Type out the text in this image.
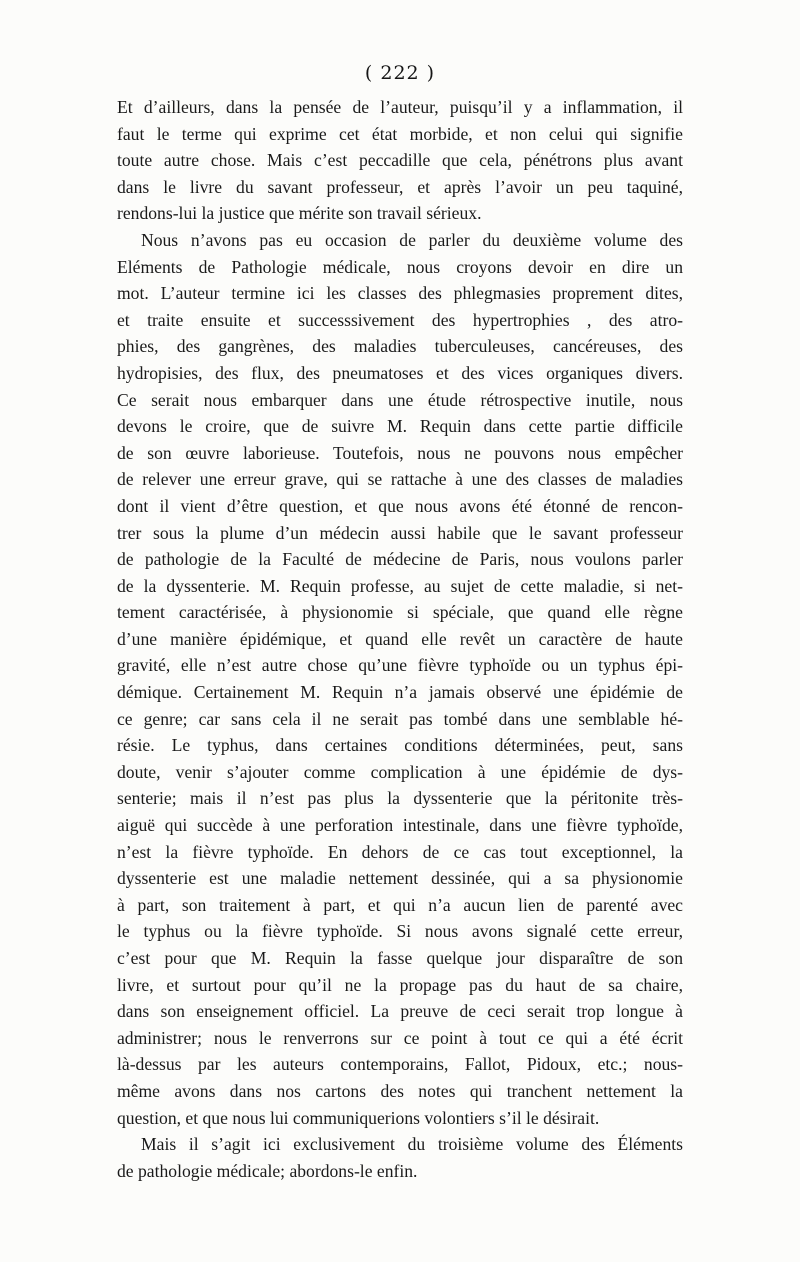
( 222 )
Et d’ailleurs, dans la pensée de l’auteur, puisqu’il y a inflammation, il
faut le terme qui exprime cet état morbide, et non celui qui signifie
toute autre chose. Mais c’est peccadille que cela, pénétrons plus avant
dans le livre du savant professeur, et après l’avoir un peu taquiné,
rendons-lui la justice que mérite son travail sérieux.
Nous n’avons pas eu occasion de parler du deuxième volume des
Eléments de Pathologie médicale, nous croyons devoir en dire un
mot. L’auteur termine ici les classes des phlegmasies proprement dites,
et traite ensuite et successsivement des hypertrophies , des atro-
phies, des gangrènes, des maladies tuberculeuses, cancéreuses, des
hydropisies, des flux, des pneumatoses et des vices organiques divers.
Ce serait nous embarquer dans une étude rétrospective inutile, nous
devons le croire, que de suivre M. Requin dans cette partie difficile
de son œuvre laborieuse. Toutefois, nous ne pouvons nous empêcher
de relever une erreur grave, qui se rattache à une des classes de maladies
dont il vient d’être question, et que nous avons été étonné de rencon-
trer sous la plume d’un médecin aussi habile que le savant professeur
de pathologie de la Faculté de médecine de Paris, nous voulons parler
de la dyssenterie. M. Requin professe, au sujet de cette maladie, si net-
tement caractérisée, à physionomie si spéciale, que quand elle règne
d’une manière épidémique, et quand elle revêt un caractère de haute
gravité, elle n’est autre chose qu’une fièvre typhoïde ou un typhus épi-
démique. Certainement M. Requin n’a jamais observé une épidémie de
ce genre; car sans cela il ne serait pas tombé dans une semblable hé-
résie. Le typhus, dans certaines conditions déterminées, peut, sans
doute, venir s’ajouter comme complication à une épidémie de dys-
senterie; mais il n’est pas plus la dyssenterie que la péritonite très-
aiguë qui succède à une perforation intestinale, dans une fièvre typhoïde,
n’est la fièvre typhoïde. En dehors de ce cas tout exceptionnel, la
dyssenterie est une maladie nettement dessinée, qui a sa physionomie
à part, son traitement à part, et qui n’a aucun lien de parenté avec
le typhus ou la fièvre typhoïde. Si nous avons signalé cette erreur,
c’est pour que M. Requin la fasse quelque jour disparaître de son
livre, et surtout pour qu’il ne la propage pas du haut de sa chaire,
dans son enseignement officiel. La preuve de ceci serait trop longue à
administrer; nous le renverrons sur ce point à tout ce qui a été écrit
là-dessus par les auteurs contemporains, Fallot, Pidoux, etc.; nous-
même avons dans nos cartons des notes qui tranchent nettement la
question, et que nous lui communiquerions volontiers s’il le désirait.
Mais il s’agit ici exclusivement du troisième volume des Éléments
de pathologie médicale; abordons-le enfin.
